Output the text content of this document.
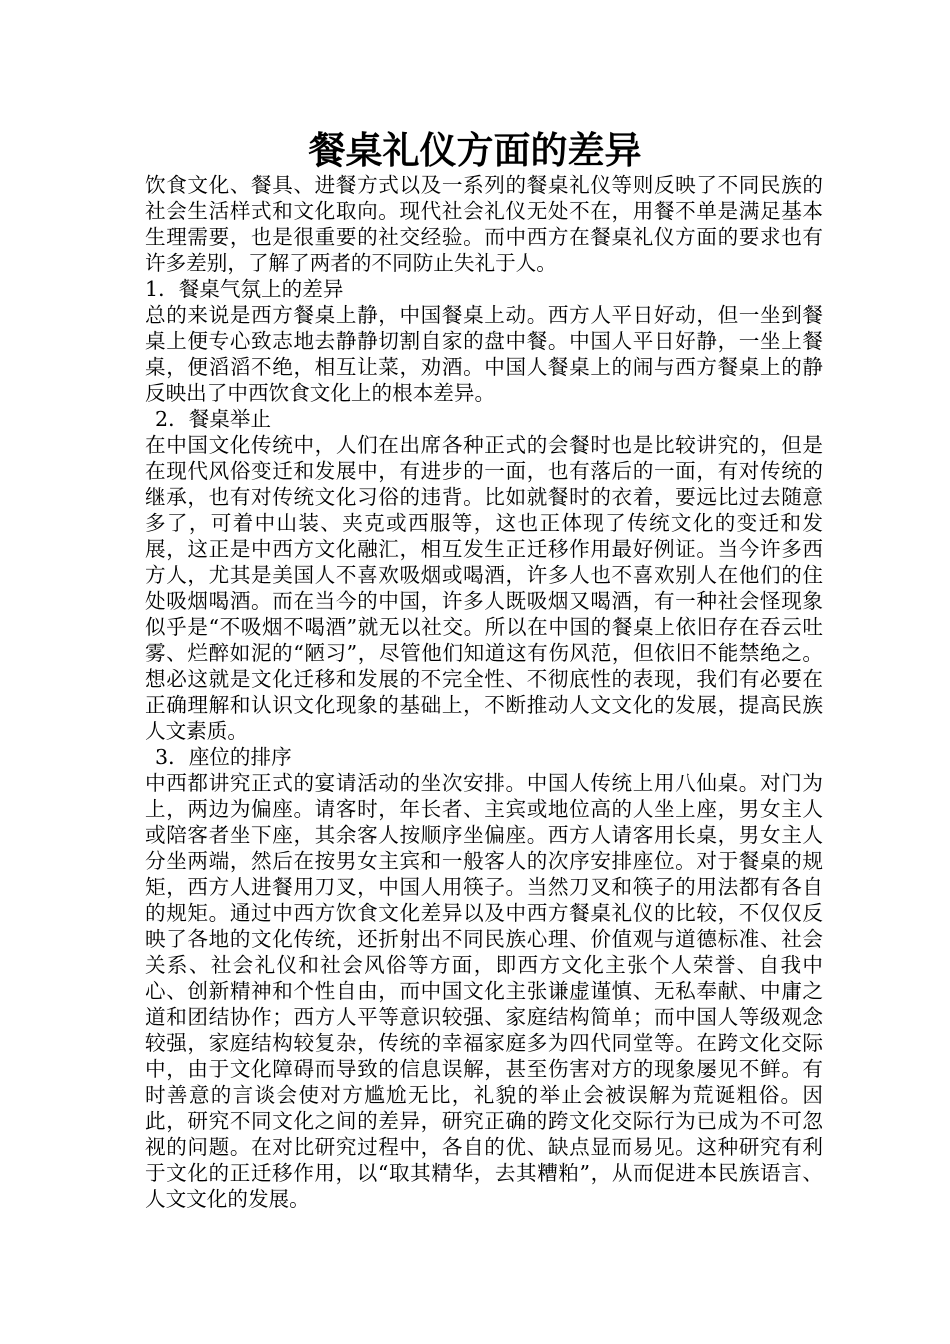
餐桌礼仪方面的差异

饮食文化、餐具、进餐方式以及一系列的餐桌礼仪等则反映了不同民族的社会生活样式和文化取向。现代社会礼仪无处不在，用餐不单是满足基本生理需要，也是很重要的社交经验。而中西方在餐桌礼仪方面的要求也有许多差别，了解了两者的不同防止失礼于人。

1．餐桌气氛上的差异

总的来说是西方餐桌上静，中国餐桌上动。西方人平日好动，但一坐到餐桌上便专心致志地去静静切割自家的盘中餐。中国人平日好静，一坐上餐桌，便滔滔不绝，相互让菜，劝酒。中国人餐桌上的闹与西方餐桌上的静反映出了中西饮食文化上的根本差异。

2．餐桌举止

在中国文化传统中，人们在出席各种正式的会餐时也是比较讲究的，但是在现代风俗变迁和发展中，有进步的一面，也有落后的一面，有对传统的继承，也有对传统文化习俗的违背。比如就餐时的衣着，要远比过去随意多了，可着中山装、夹克或西服等，这也正体现了传统文化的变迁和发展，这正是中西方文化融汇，相互发生正迁移作用最好例证。当今许多西方人，尤其是美国人不喜欢吸烟或喝酒，许多人也不喜欢别人在他们的住处吸烟喝酒。而在当今的中国，许多人既吸烟又喝酒，有一种社会怪现象似乎是“不吸烟不喝酒”就无以社交。所以在中国的餐桌上依旧存在吞云吐雾、烂醉如泥的“陋习”，尽管他们知道这有伤风范，但依旧不能禁绝之。想必这就是文化迁移和发展的不完全性、不彻底性的表现，我们有必要在正确理解和认识文化现象的基础上，不断推动人文文化的发展，提高民族人文素质。

3．座位的排序

中西都讲究正式的宴请活动的坐次安排。中国人传统上用八仙桌。对门为上，两边为偏座。请客时，年长者、主宾或地位高的人坐上座，男女主人或陪客者坐下座，其余客人按顺序坐偏座。西方人请客用长桌，男女主人分坐两端，然后在按男女主宾和一般客人的次序安排座位。对于餐桌的规矩，西方人进餐用刀叉，中国人用筷子。当然刀叉和筷子的用法都有各自的规矩。通过中西方饮食文化差异以及中西方餐桌礼仪的比较，不仅仅反映了各地的文化传统，还折射出不同民族心理、价值观与道德标准、社会关系、社会礼仪和社会风俗等方面，即西方文化主张个人荣誉、自我中心、创新精神和个性自由，而中国文化主张谦虚谨慎、无私奉献、中庸之道和团结协作；西方人平等意识较强、家庭结构简单；而中国人等级观念较强，家庭结构较复杂，传统的幸福家庭多为四代同堂等。在跨文化交际中，由于文化障碍而导致的信息误解，甚至伤害对方的现象屡见不鲜。有时善意的言谈会使对方尴尬无比，礼貌的举止会被误解为荒诞粗俗。因此，研究不同文化之间的差异，研究正确的跨文化交际行为已成为不可忽视的问题。在对比研究过程中，各自的优、缺点显而易见。这种研究有利于文化的正迁移作用，以“取其精华，去其糟粕”，从而促进本民族语言、人文文化的发展。
